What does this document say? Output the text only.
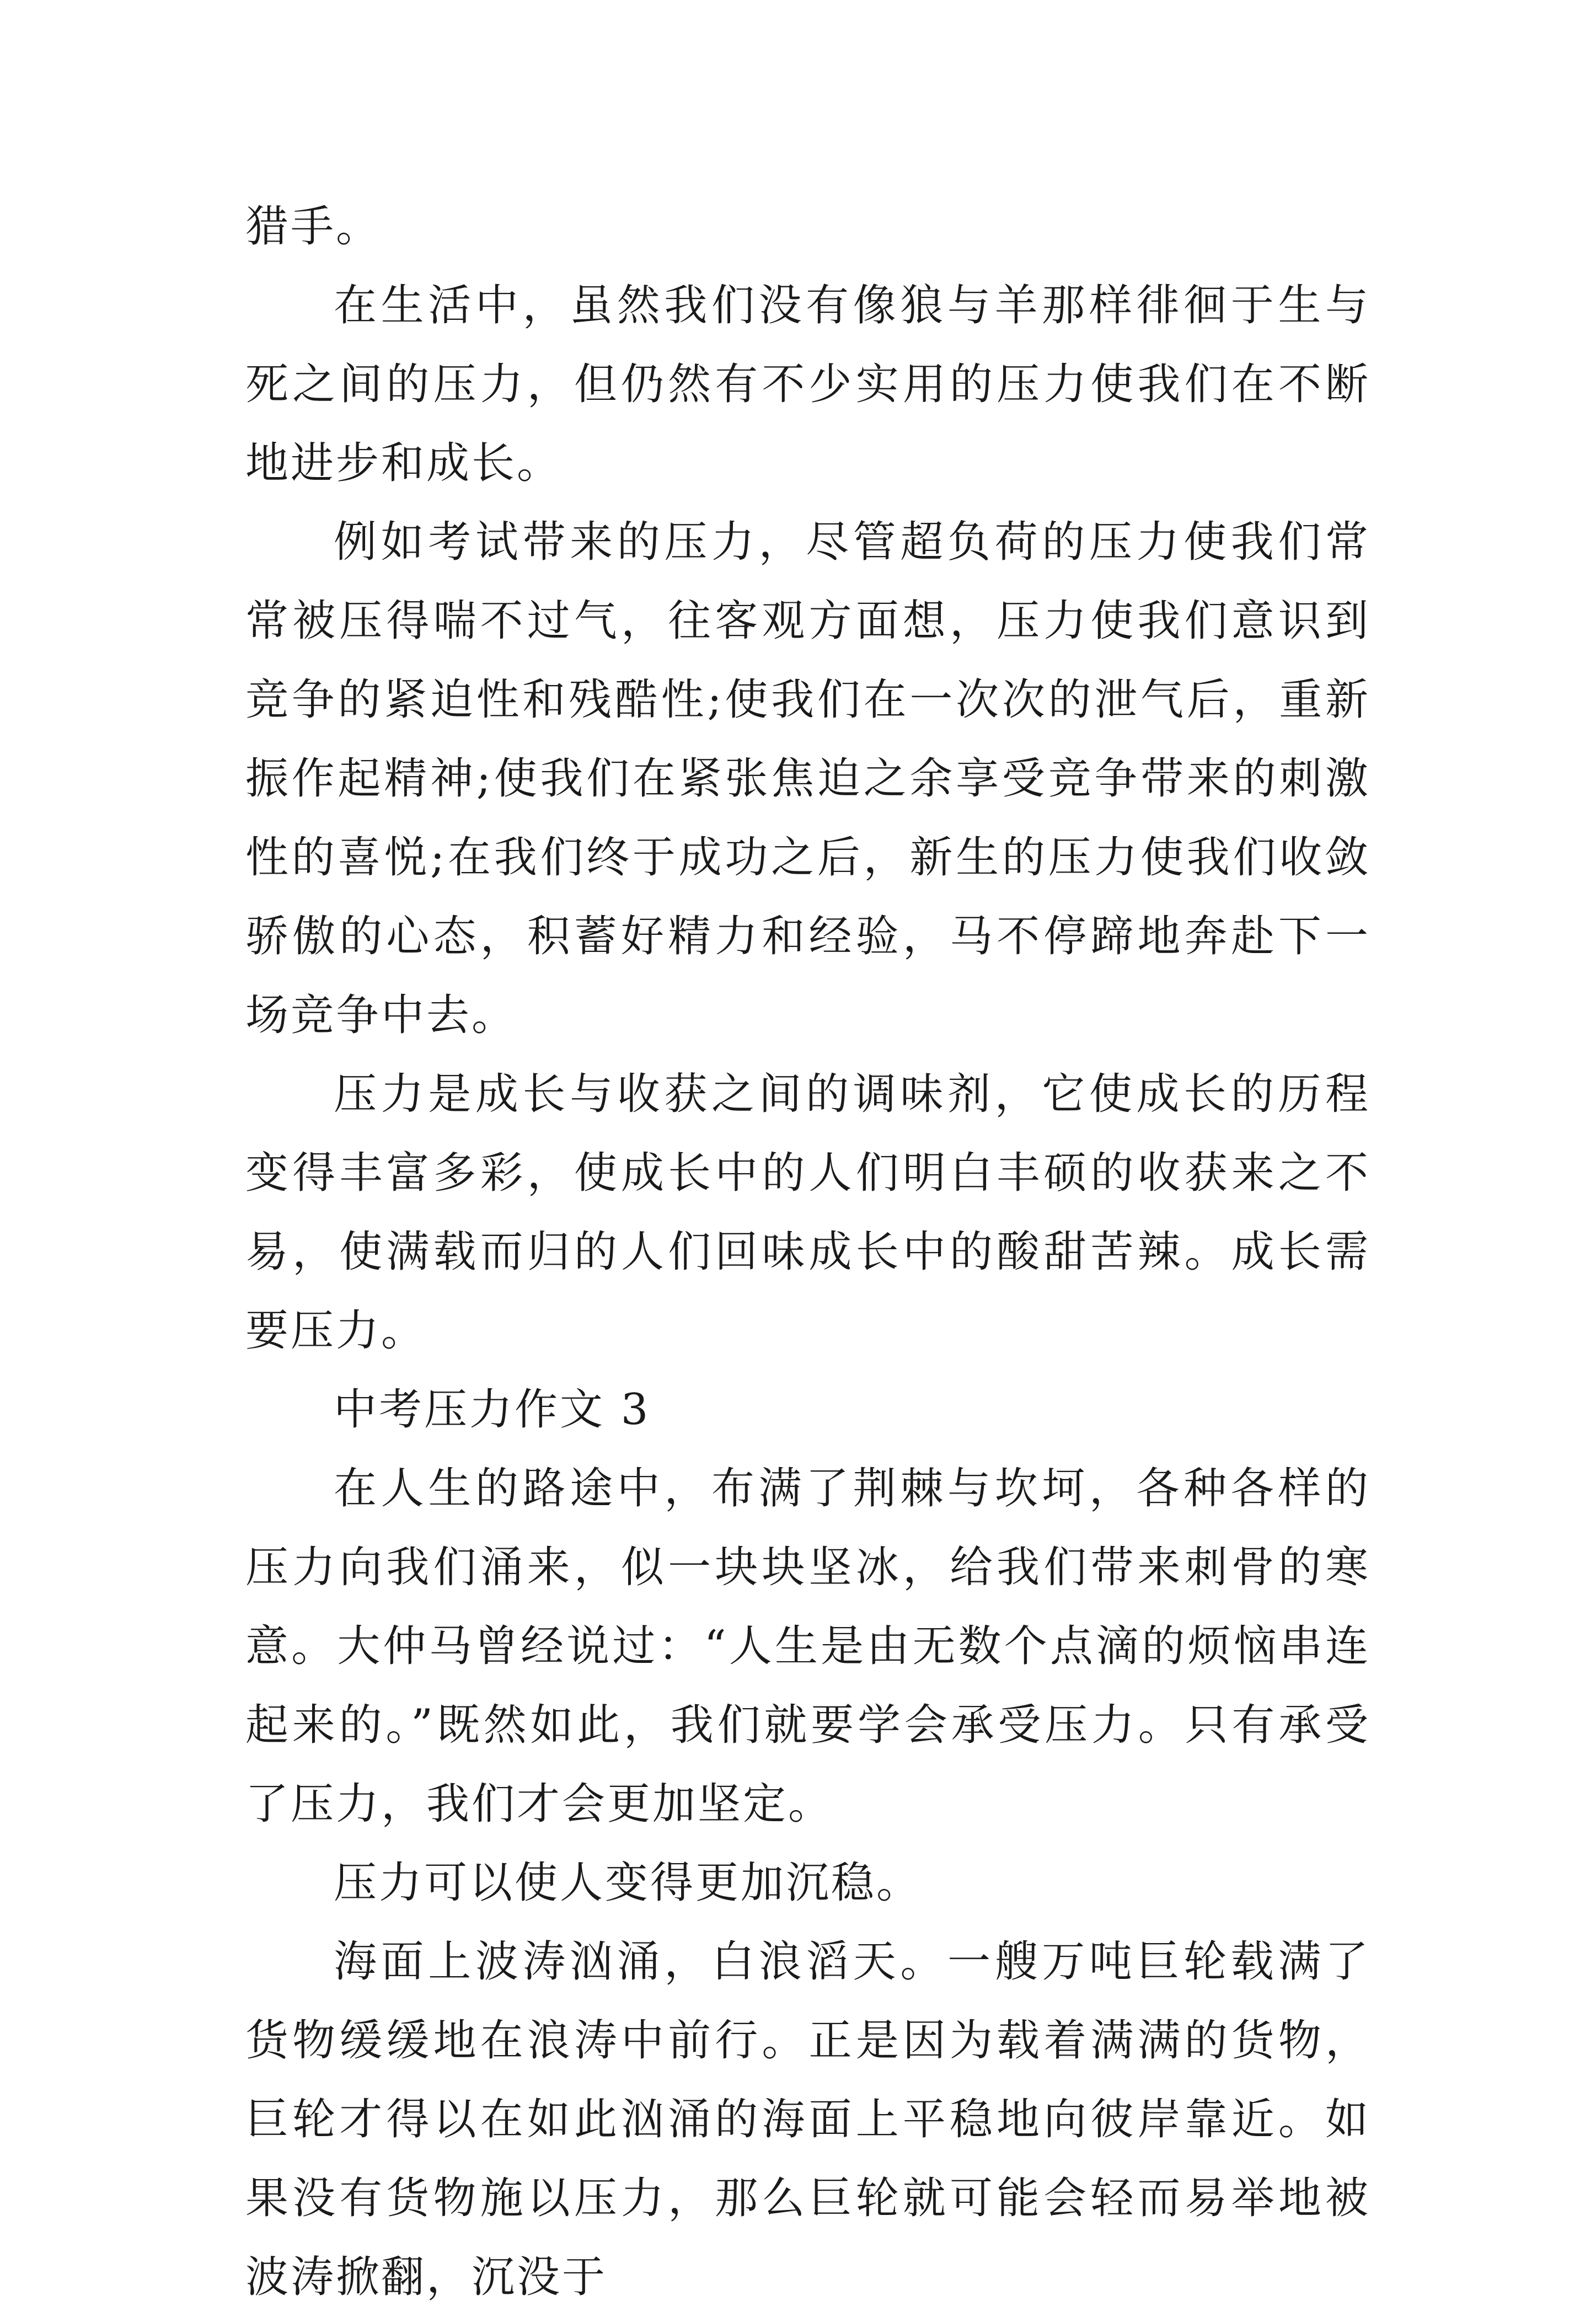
猎手。

在生活中，虽然我们没有像狼与羊那样徘徊于生与死之间的压力，但仍然有不少实用的压力使我们在不断地进步和成长。

例如考试带来的压力，尽管超负荷的压力使我们常常被压得喘不过气，往客观方面想，压力使我们意识到竞争的紧迫性和残酷性;使我们在一次次的泄气后，重新振作起精神;使我们在紧张焦迫之余享受竞争带来的刺激性的喜悦;在我们终于成功之后，新生的压力使我们收敛骄傲的心态，积蓄好精力和经验，马不停蹄地奔赴下一场竞争中去。

压力是成长与收获之间的调味剂，它使成长的历程变得丰富多彩，使成长中的人们明白丰硕的收获来之不易，使满载而归的人们回味成长中的酸甜苦辣。成长需要压力。

中考压力作文 3

在人生的路途中，布满了荆棘与坎坷，各种各样的压力向我们涌来，似一块块坚冰，给我们带来刺骨的寒意。大仲马曾经说过：“人生是由无数个点滴的烦恼串连起来的。”既然如此，我们就要学会承受压力。只有承受了压力，我们才会更加坚定。

压力可以使人变得更加沉稳。

海面上波涛汹涌，白浪滔天。一艘万吨巨轮载满了货物缓缓地在浪涛中前行。正是因为载着满满的货物，巨轮才得以在如此汹涌的海面上平稳地向彼岸靠近。如果没有货物施以压力，那么巨轮就可能会轻而易举地被波涛掀翻，沉没于
